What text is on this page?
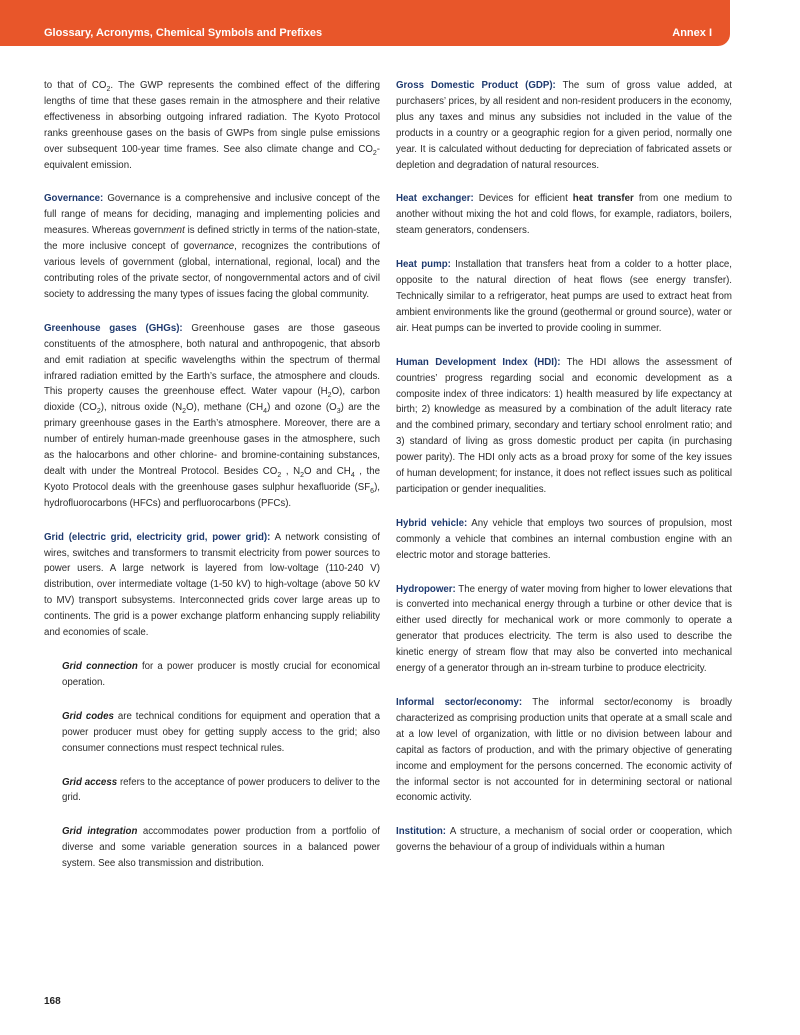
Glossary, Acronyms, Chemical Symbols and Prefixes	Annex I

to that of $CO_2$. The GWP represents the combined effect of the differing lengths of time that these gases remain in the atmosphere and their relative effectiveness in absorbing outgoing infrared radiation. The Kyoto Protocol ranks greenhouse gases on the basis of GWPs from single pulse emissions over subsequent 100-year time frames. See also climate change and $CO_2$-equivalent emission.

Governance: Governance is a comprehensive and inclusive concept of the full range of means for deciding, managing and implementing policies and measures. Whereas government is defined strictly in terms of the nation-state, the more inclusive concept of governance, recognizes the contributions of various levels of government (global, international, regional, local) and the contributing roles of the private sector, of nongovernmental actors and of civil society to addressing the many types of issues facing the global community.

Greenhouse gases (GHGs): Greenhouse gases are those gaseous constituents of the atmosphere, both natural and anthropogenic, that absorb and emit radiation at specific wavelengths within the spectrum of thermal infrared radiation emitted by the Earth’s surface, the atmosphere and clouds. This property causes the greenhouse effect. Water vapour $(H_2O)$, carbon dioxide $(CO_2)$, nitrous oxide $(N_2O)$, methane $(CH_4)$ and ozone $(O_3)$ are the primary greenhouse gases in the Earth’s atmosphere. Moreover, there are a number of entirely human-made greenhouse gases in the atmosphere, such as the halocarbons and other chlorine- and bromine-containing substances, dealt with under the Montreal Protocol. Besides $CO_2$ , $N_2O$ and $CH_4$ , the Kyoto Protocol deals with the greenhouse gases sulphur hexafluoride $(SF_6)$, hydrofluorocarbons (HFCs) and perfluorocarbons (PFCs).

Grid (electric grid, electricity grid, power grid): A network consisting of wires, switches and transformers to transmit electricity from power sources to power users. A large network is layered from low-voltage (110-240 V) distribution, over intermediate voltage (1-50 kV) to high-voltage (above 50 kV to MV) transport subsystems. Interconnected grids cover large areas up to continents. The grid is a power exchange platform enhancing supply reliability and economies of scale.

Grid connection for a power producer is mostly crucial for economical operation.

Grid codes are technical conditions for equipment and operation that a power producer must obey for getting supply access to the grid; also consumer connections must respect technical rules.

Grid access refers to the acceptance of power producers to deliver to the grid.

Grid integration accommodates power production from a portfolio of diverse and some variable generation sources in a balanced power system. See also transmission and distribution.

Gross Domestic Product (GDP): The sum of gross value added, at purchasers’ prices, by all resident and non-resident producers in the economy, plus any taxes and minus any subsidies not included in the value of the products in a country or a geographic region for a given period, normally one year. It is calculated without deducting for depreciation of fabricated assets or depletion and degradation of natural resources.

Heat exchanger: Devices for efficient heat transfer from one medium to another without mixing the hot and cold flows, for example, radiators, boilers, steam generators, condensers.

Heat pump: Installation that transfers heat from a colder to a hotter place, opposite to the natural direction of heat flows (see energy transfer). Technically similar to a refrigerator, heat pumps are used to extract heat from ambient environments like the ground (geothermal or ground source), water or air. Heat pumps can be inverted to provide cooling in summer.

Human Development Index (HDI): The HDI allows the assessment of countries’ progress regarding social and economic development as a composite index of three indicators: 1) health measured by life expectancy at birth; 2) knowledge as measured by a combination of the adult literacy rate and the combined primary, secondary and tertiary school enrolment ratio; and 3) standard of living as gross domestic product per capita (in purchasing power parity). The HDI only acts as a broad proxy for some of the key issues of human development; for instance, it does not reflect issues such as political participation or gender inequalities.

Hybrid vehicle: Any vehicle that employs two sources of propulsion, most commonly a vehicle that combines an internal combustion engine with an electric motor and storage batteries.

Hydropower: The energy of water moving from higher to lower elevations that is converted into mechanical energy through a turbine or other device that is either used directly for mechanical work or more commonly to operate a generator that produces electricity. The term is also used to describe the kinetic energy of stream flow that may also be converted into mechanical energy of a generator through an in-stream turbine to produce electricity.

Informal sector/economy: The informal sector/economy is broadly characterized as comprising production units that operate at a small scale and at a low level of organization, with little or no division between labour and capital as factors of production, and with the primary objective of generating income and employment for the persons concerned. The economic activity of the informal sector is not accounted for in determining sectoral or national economic activity.

Institution: A structure, a mechanism of social order or cooperation, which governs the behaviour of a group of individuals within a human

168
